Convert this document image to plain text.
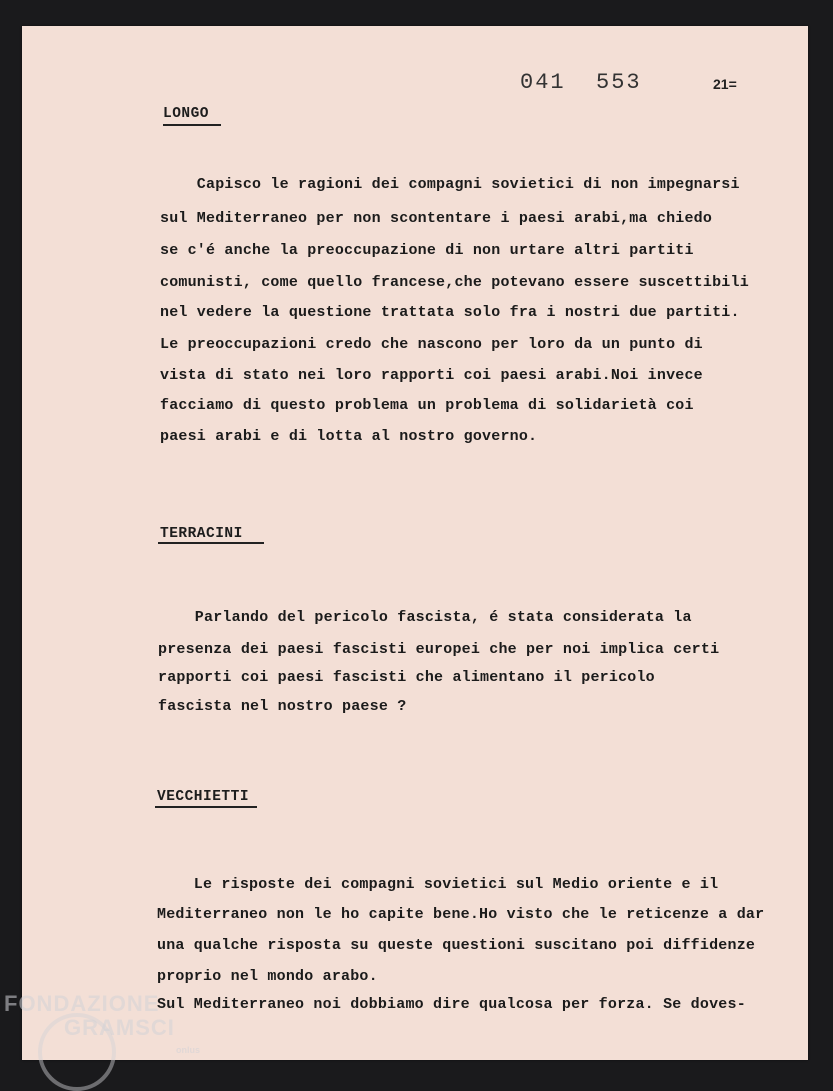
041  553	21=
LONGO
Capisco le ragioni dei compagni sovietici di non impegnarsi
sul Mediterraneo per non scontentare i paesi arabi,ma chiedo
se c'é anche la preoccupazione di non urtare altri partiti
comunisti, come quello francese,che potevano essere suscettibili
nel vedere la questione trattata solo fra i nostri due partiti.
Le preoccupazioni credo che nascono per loro da un punto di
vista di stato nei loro rapporti coi paesi arabi.Noi invece
facciamo di questo problema un problema di solidarietà coi
paesi arabi e di lotta al nostro governo.
TERRACINI
Parlando del pericolo fascista, é stata considerata la
presenza dei paesi fascisti europei che per noi implica certi
rapporti coi paesi fascisti che alimentano il pericolo
fascista nel nostro paese ?
VECCHIETTI
Le risposte dei compagni sovietici sul Medio oriente e il
Mediterraneo non le ho capite bene.Ho visto che le reticenze a dar
una qualche risposta su queste questioni suscitano poi diffidenze
proprio nel mondo arabo.
Sul Mediterraneo noi dobbiamo dire qualcosa per forza. Se doves-
FONDAZIONE
GRAMSCI
onlus
